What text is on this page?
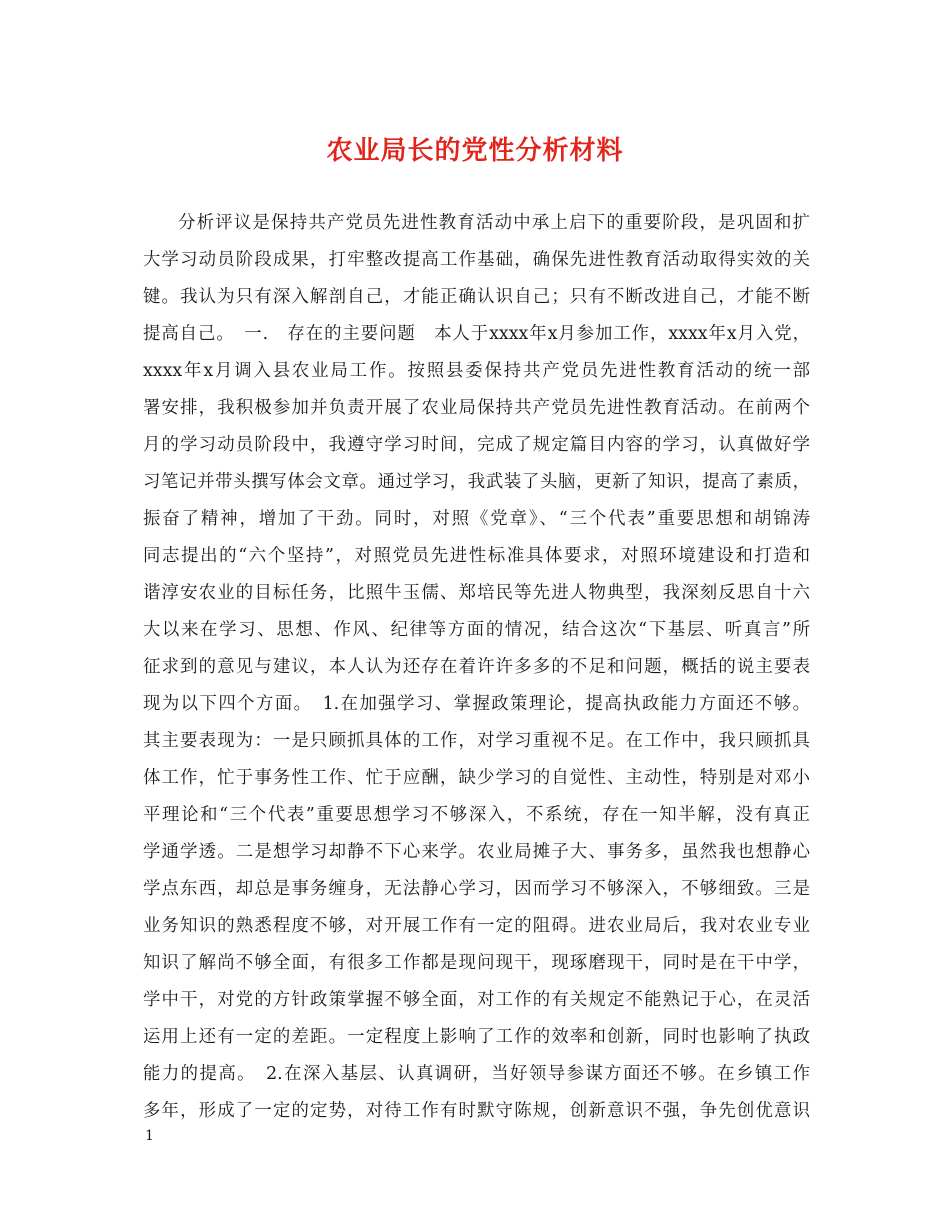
农业局长的党性分析材料
分析评议是保持共产党员先进性教育活动中承上启下的重要阶段，是巩固和扩
大学习动员阶段成果，打牢整改提高工作基础，确保先进性教育活动取得实效的关
键。我认为只有深入解剖自己，才能正确认识自己；只有不断改进自己，才能不断
提高自己。　一.　存在的主要问题　本人于xxxx年x月参加工作，xxxx年x月入党，
xxxx年x月调入县农业局工作。按照县委保持共产党员先进性教育活动的统一部
署安排，我积极参加并负责开展了农业局保持共产党员先进性教育活动。在前两个
月的学习动员阶段中，我遵守学习时间，完成了规定篇目内容的学习，认真做好学
习笔记并带头撰写体会文章。通过学习，我武装了头脑，更新了知识，提高了素质，
振奋了精神，增加了干劲。同时，对照《党章》、“三个代表”重要思想和胡锦涛
同志提出的“六个坚持”，对照党员先进性标准具体要求，对照环境建设和打造和
谐淳安农业的目标任务，比照牛玉儒、郑培民等先进人物典型，我深刻反思自十六
大以来在学习、思想、作风、纪律等方面的情况，结合这次“下基层、听真言”所
征求到的意见与建议，本人认为还存在着许许多多的不足和问题，概括的说主要表
现为以下四个方面。　1.在加强学习、掌握政策理论，提高执政能力方面还不够。
其主要表现为：一是只顾抓具体的工作，对学习重视不足。在工作中，我只顾抓具
体工作，忙于事务性工作、忙于应酬，缺少学习的自觉性、主动性，特别是对邓小
平理论和“三个代表”重要思想学习不够深入，不系统，存在一知半解，没有真正
学通学透。二是想学习却静不下心来学。农业局摊子大、事务多，虽然我也想静心
学点东西，却总是事务缠身，无法静心学习，因而学习不够深入，不够细致。三是
业务知识的熟悉程度不够，对开展工作有一定的阻碍。进农业局后，我对农业专业
知识了解尚不够全面，有很多工作都是现问现干，现琢磨现干，同时是在干中学，
学中干，对党的方针政策掌握不够全面，对工作的有关规定不能熟记于心，在灵活
运用上还有一定的差距。一定程度上影响了工作的效率和创新，同时也影响了执政
能力的提高。　2.在深入基层、认真调研，当好领导参谋方面还不够。在乡镇工作
多年，形成了一定的定势，对待工作有时默守陈规，创新意识不强，争先创优意识
1
